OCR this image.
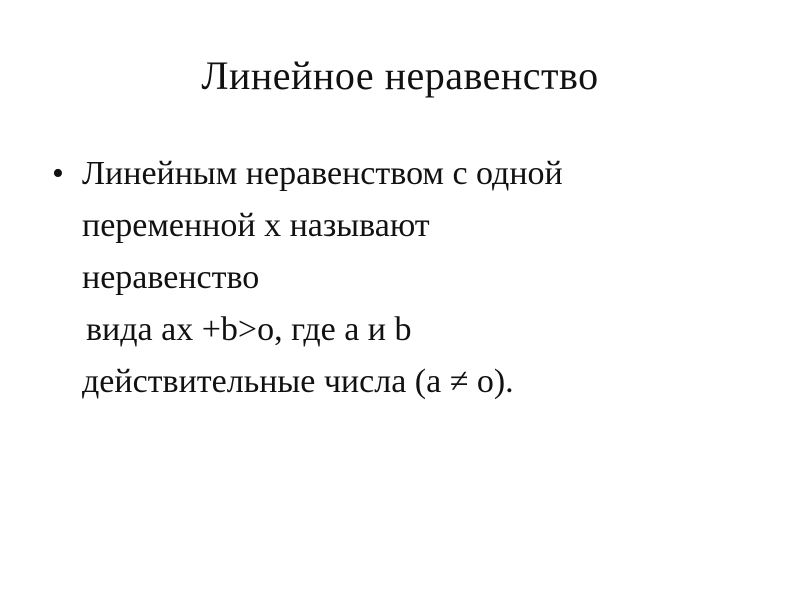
Линейное неравенство
• Линейным неравенством с одной
переменной х называют
неравенство
вида ax +b>o, где a и b
действительные числа (a ≠ o).
